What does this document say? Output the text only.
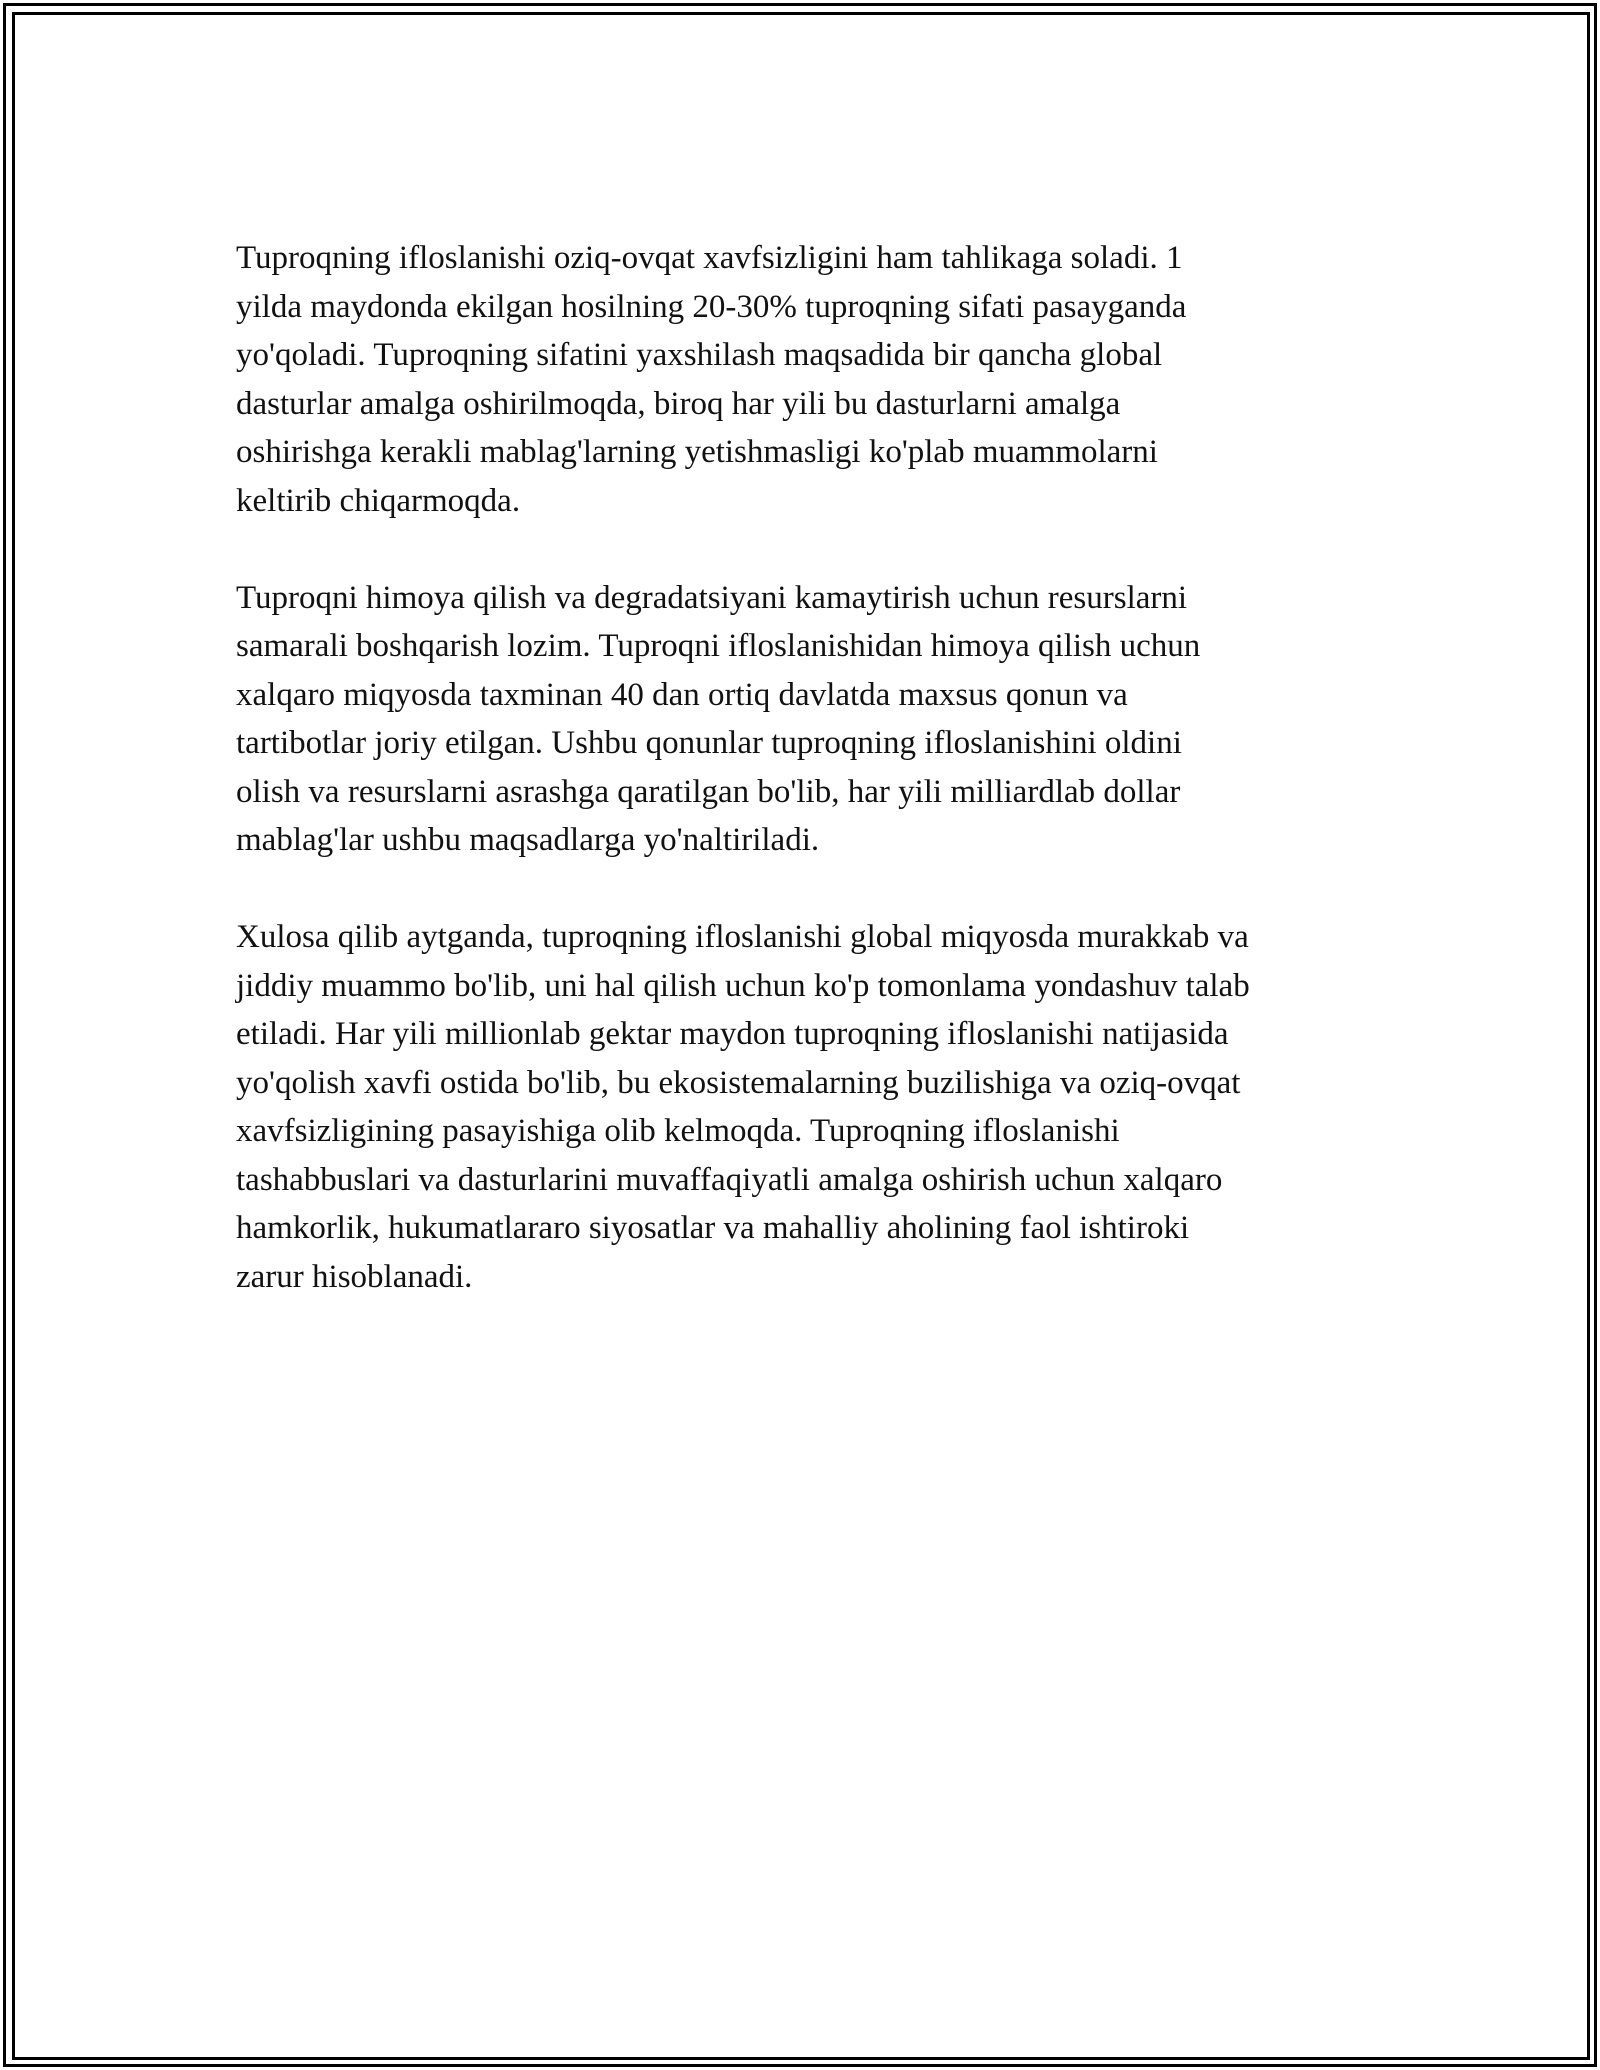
Tuproqning ifloslanishi oziq-ovqat xavfsizligini ham tahlikaga soladi. 1
yilda maydonda ekilgan hosilning 20-30% tuproqning sifati pasayganda
yo'qoladi. Tuproqning sifatini yaxshilash maqsadida bir qancha global
dasturlar amalga oshirilmoqda, biroq har yili bu dasturlarni amalga
oshirishga kerakli mablag'larning yetishmasligi ko'plab muammolarni
keltirib chiqarmoqda.

Tuproqni himoya qilish va degradatsiyani kamaytirish uchun resurslarni
samarali boshqarish lozim. Tuproqni ifloslanishidan himoya qilish uchun
xalqaro miqyosda taxminan 40 dan ortiq davlatda maxsus qonun va
tartibotlar joriy etilgan. Ushbu qonunlar tuproqning ifloslanishini oldini
olish va resurslarni asrashga qaratilgan bo'lib, har yili milliardlab dollar
mablag'lar ushbu maqsadlarga yo'naltiriladi.

Xulosa qilib aytganda, tuproqning ifloslanishi global miqyosda murakkab va
jiddiy muammo bo'lib, uni hal qilish uchun ko'p tomonlama yondashuv talab
etiladi. Har yili millionlab gektar maydon tuproqning ifloslanishi natijasida
yo'qolish xavfi ostida bo'lib, bu ekosistemalarning buzilishiga va oziq-ovqat
xavfsizligining pasayishiga olib kelmoqda. Tuproqning ifloslanishi
tashabbuslari va dasturlarini muvaffaqiyatli amalga oshirish uchun xalqaro
hamkorlik, hukumatlararo siyosatlar va mahalliy aholining faol ishtiroki
zarur hisoblanadi.
